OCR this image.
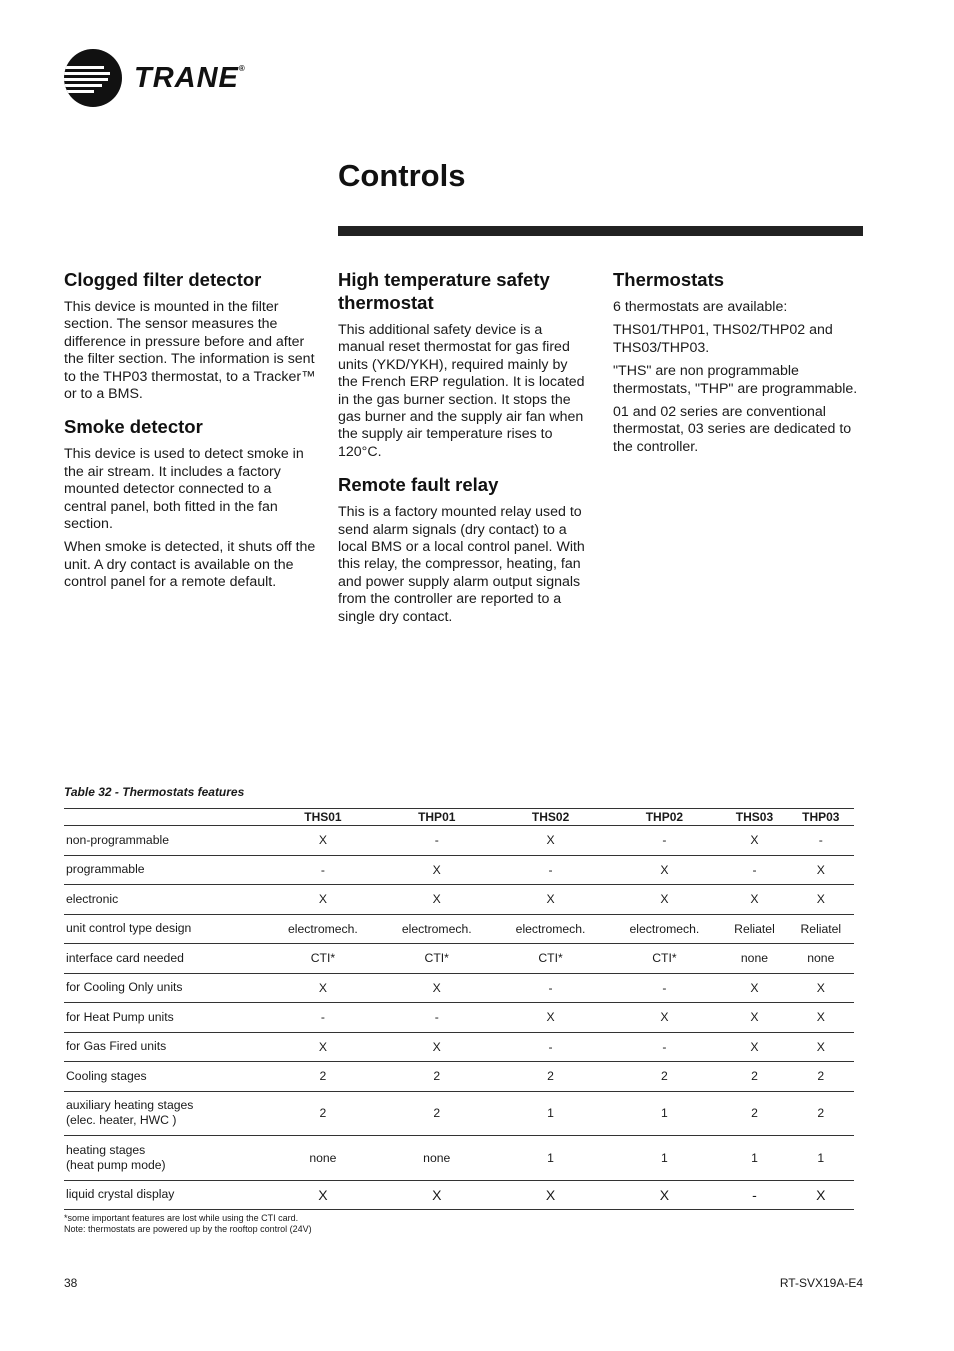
TRANE®
Controls
Clogged filter detector

This device is mounted in the filter section. The sensor measures the difference in pressure before and after the filter section. The information is sent to the THP03 thermostat, to a Tracker™ or to a BMS.

Smoke detector

This device is used to detect smoke in the air stream. It includes a factory mounted detector connected to a central panel, both fitted in the fan section.

When smoke is detected, it shuts off the unit. A dry contact is available on the control panel for a remote default.

High temperature safety thermostat

This additional safety device is a manual reset thermostat for gas fired units (YKD/YKH), required mainly by the French ERP regulation. It is located in the gas burner section. It stops the gas burner and the supply air fan when the supply air temperature rises to 120°C.

Remote fault relay

This is a factory mounted relay used to send alarm signals (dry contact) to a local BMS or a local control panel. With this relay, the compressor, heating, fan and power supply alarm output signals from the controller are reported to a single dry contact.

Thermostats

6 thermostats are available:

THS01/THP01, THS02/THP02 and THS03/THP03.

"THS" are non programmable thermostats, "THP" are programmable.

01 and 02 series are conventional thermostat, 03 series are dedicated to the controller.

Table 32 - Thermostats features
	THS01	THP01	THS02	THP02	THS03	THP03

non-programmable	X	-	X	-	X	-

programmable	-	X	-	X	-	X

electronic	X	X	X	X	X	X

unit control type design	electromech.	electromech.	electromech.	electromech.	Reliatel	Reliatel

interface card needed	CTI*	CTI*	CTI*	CTI*	none	none

for Cooling Only units	X	X	-	-	X	X

for Heat Pump units	-	-	X	X	X	X

for Gas Fired units	X	X	-	-	X	X

Cooling stages	2	2	2	2	2	2

auxiliary heating stages
(elec. heater, HWC )	2	2	1	1	2	2

heating stages
(heat pump mode)	none	none	1	1	1	1

liquid crystal display	X	X	X	X	-	X
*some important features are lost while using the CTI card.
Note: thermostats are powered up by the rooftop control (24V)
38	RT-SVX19A-E4
